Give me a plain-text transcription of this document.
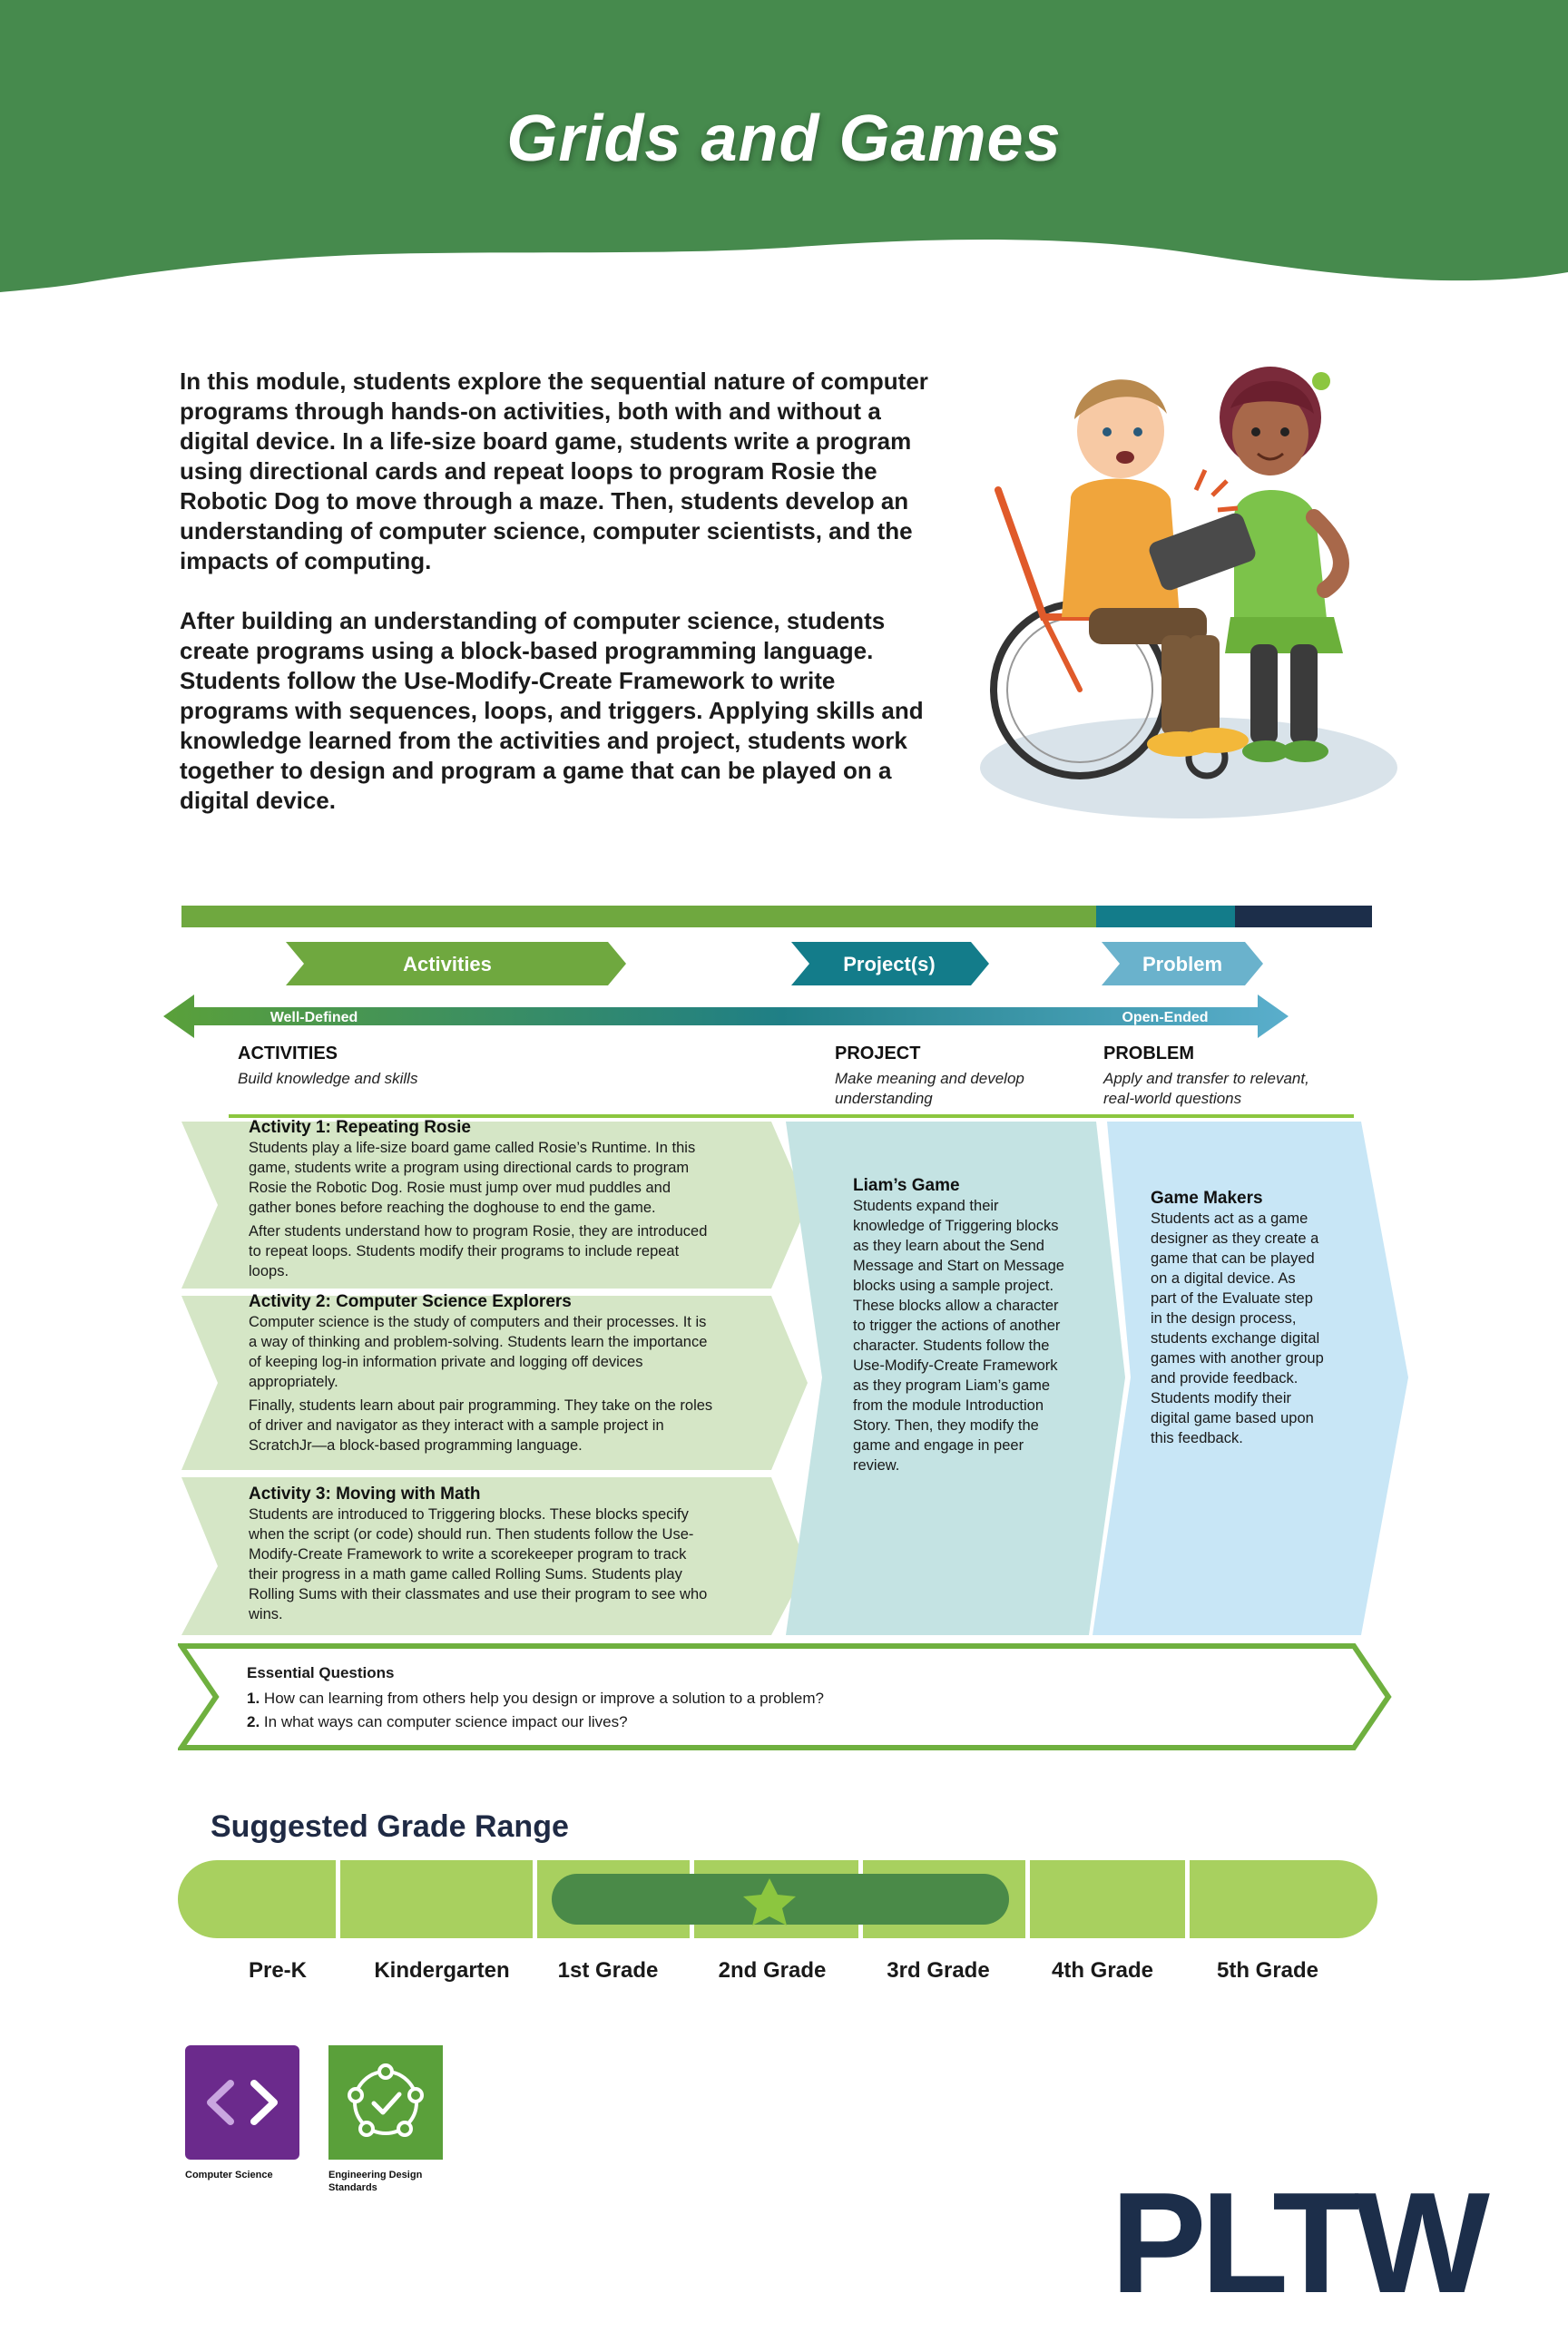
Grids and Games
In this module, students explore the sequential nature of computer
programs through hands-on activities, both with and without a
digital device. In a life-size board game, students write a program
using directional cards and repeat loops to program Rosie the
Robotic Dog to move through a maze. Then, students develop an
understanding of computer science, computer scientists, and the
impacts of computing.
After building an understanding of computer science, students
create programs using a block-based programming language.
Students follow the Use-Modify-Create Framework to write
programs with sequences, loops, and triggers. Applying skills and
knowledge learned from the activities and project, students work
together to design and program a game that can be played on a
digital device.
Activities	Project(s)	Problem
Well-Defined	Open-Ended
ACTIVITIES
Build knowledge and skills
PROJECT
Make meaning and develop
understanding
PROBLEM
Apply and transfer to relevant,
real-world questions
Activity 1: Repeating Rosie
Students play a life-size board game called Rosie’s Runtime. In this
game, students write a program using directional cards to program
Rosie the Robotic Dog. Rosie must jump over mud puddles and
gather bones before reaching the doghouse to end the game.
After students understand how to program Rosie, they are introduced
to repeat loops. Students modify their programs to include repeat
loops.
Activity 2: Computer Science Explorers
Computer science is the study of computers and their processes. It is
a way of thinking and problem-solving. Students learn the importance
of keeping log-in information private and logging off devices
appropriately.
Finally, students learn about pair programming. They take on the roles
of driver and navigator as they interact with a sample project in
ScratchJr—a block-based programming language.
Activity 3: Moving with Math
Students are introduced to Triggering blocks. These blocks specify
when the script (or code) should run. Then students follow the Use-
Modify-Create Framework to write a scorekeeper program to track
their progress in a math game called Rolling Sums. Students play
Rolling Sums with their classmates and use their program to see who
wins.
Liam’s Game
Students expand their
knowledge of Triggering blocks
as they learn about the Send
Message and Start on Message
blocks using a sample project.
These blocks allow a character
to trigger the actions of another
character. Students follow the
Use-Modify-Create Framework
as they program Liam’s game
from the module Introduction
Story. Then, they modify the
game and engage in peer
review.
Game Makers
Students act as a game
designer as they create a
game that can be played
on a digital device. As
part of the Evaluate step
in the design process,
students exchange digital
games with another group
and provide feedback.
Students modify their
digital game based upon
this feedback.
Essential Questions
1. How can learning from others help you design or improve a solution to a problem?
2. In what ways can computer science impact our lives?
Suggested Grade Range
Pre-K	Kindergarten	1st Grade	2nd Grade	3rd Grade	4th Grade	5th Grade
Computer Science	Engineering Design
Standards	PLTW
